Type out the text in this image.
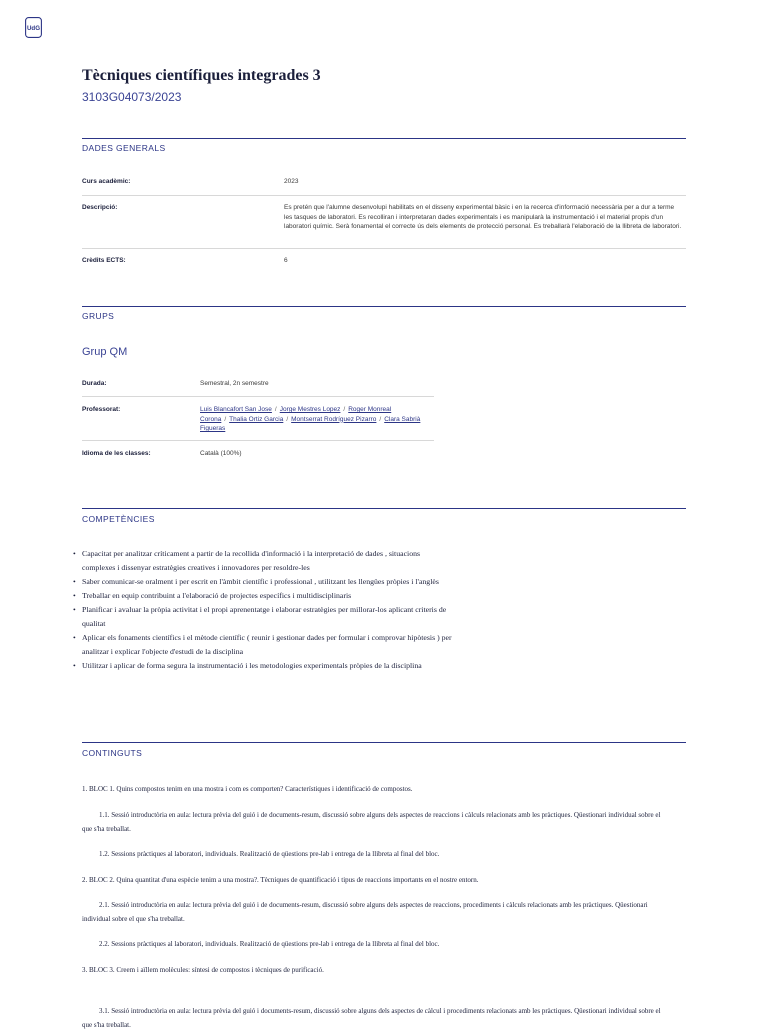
UdG
Tècniques científiques integrades 3
3103G04073/2023
DADES GENERALS
Curs acadèmic:	2023
Descripció:	Es pretén que l'alumne desenvolupi habilitats en el disseny experimental bàsic i en la recerca d'informació necessària per a dur a terme les tasques de laboratori. Es recolliran i interpretaran dades experimentals i es manipularà la instrumentació i el material propis d'un laboratori químic. Serà fonamental el correcte ús dels elements de protecció personal. Es treballarà l'elaboració de la llibreta de laboratori.
Crèdits ECTS:	6
GRUPS
Grup QM
Durada:	Semestral, 2n semestre
Professorat:	Luis Blancafort San Jose / Jorge Mestres Lopez / Roger Monreal Corona / Thalia Ortiz Garcia / Montserrat Rodríguez Pizarro / Clara Sabrià Figueras
Idioma de les classes:	Català (100%)
COMPETÈNCIES
• Capacitat per analitzar críticament a partir de la recollida d'informació i la interpretació de dades , situacions complexes i dissenyar estratègies creatives i innovadores per resoldre-les
• Saber comunicar-se oralment i per escrit en l'àmbit científic i professional , utilitzant les llengües pròpies i l'anglès
• Treballar en equip contribuint a l'elaboració de projectes específics i multidisciplinaris
• Planificar i avaluar la pròpia activitat i el propi aprenentatge i elaborar estratègies per millorar-los aplicant criteris de qualitat
• Aplicar els fonaments científics i el mètode científic ( reunir i gestionar dades per formular i comprovar hipòtesis ) per analitzar i explicar l'objecte d'estudi de la disciplina
• Utilitzar i aplicar de forma segura la instrumentació i les metodologies experimentals pròpies de la disciplina
CONTINGUTS
1. BLOC 1. Quins compostos tenim en una mostra i com es comporten? Característiques i identificació de compostos.
1.1. Sessió introductòria en aula: lectura prèvia del guió i de documents-resum, discussió sobre alguns dels aspectes de reaccions i càlculs relacionats amb les pràctiques. Qüestionari individual sobre el que s'ha treballat.
1.2. Sessions pràctiques al laboratori, individuals. Realització de qüestions pre-lab i entrega de la llibreta al final del bloc.
2. BLOC 2. Quina quantitat d'una espècie tenim a una mostra?. Tècniques de quantificació i tipus de reaccions importants en el nostre entorn.
2.1. Sessió introductòria en aula: lectura prèvia del guió i de documents-resum, discussió sobre alguns dels aspectes de reaccions, procediments i càlculs relacionats amb les pràctiques. Qüestionari individual sobre el que s'ha treballat.
2.2. Sessions pràctiques al laboratori, individuals. Realització de qüestions pre-lab i entrega de la llibreta al final del bloc.
3. BLOC 3. Creem i aïllem molècules: síntesi de compostos i tècniques de purificació.
3.1. Sessió introductòria en aula: lectura prèvia del guió i documents-resum, discussió sobre alguns dels aspectes de càlcul i procediments relacionats amb les pràctiques. Qüestionari individual sobre el que s'ha treballat.
